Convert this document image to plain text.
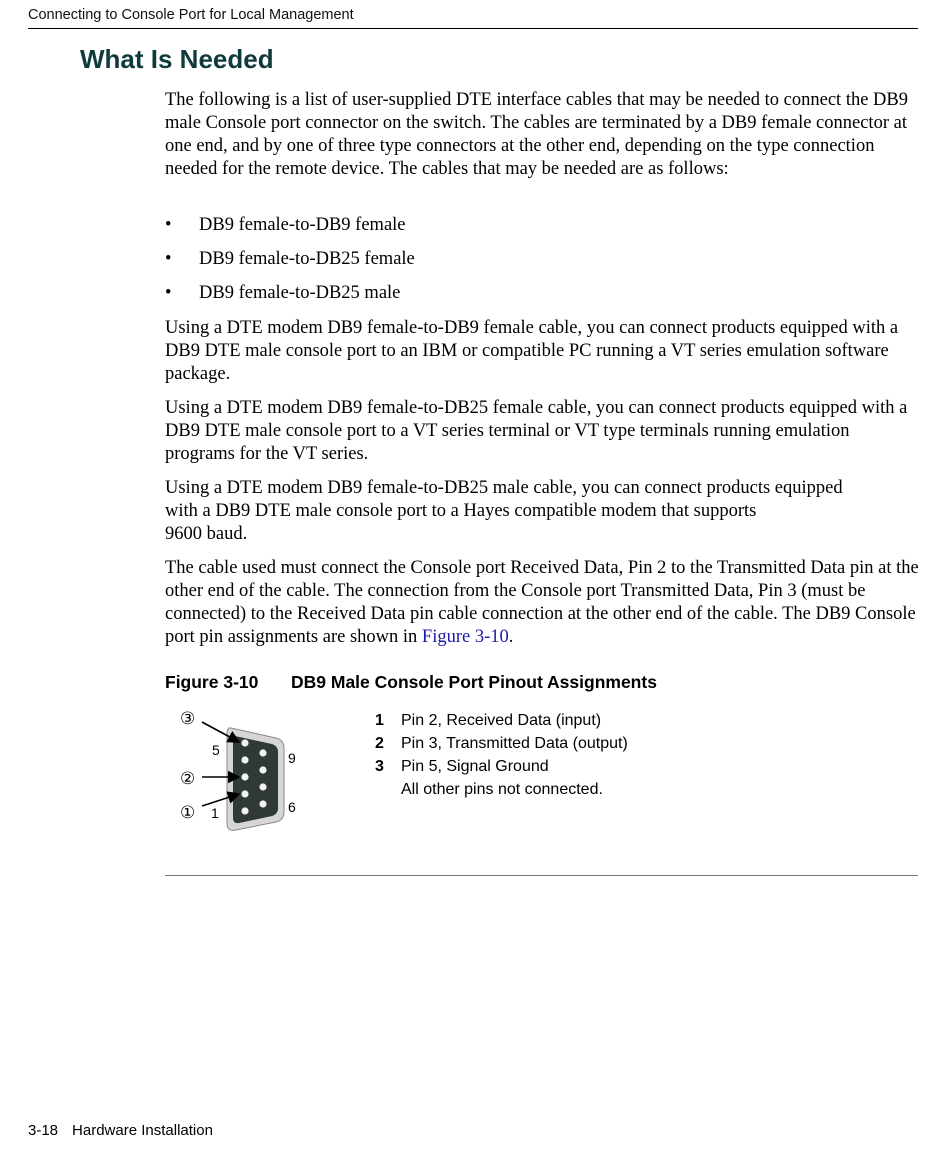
Connecting to Console Port for Local Management
What Is Needed

The following is a list of user-supplied DTE interface cables that may be needed to connect the DB9 male Console port connector on the switch. The cables are terminated by a DB9 female connector at one end, and by one of three type connectors at the other end, depending on the type connection needed for the remote device. The cables that may be needed are as follows:

• DB9 female-to-DB9 female
• DB9 female-to-DB25 female
• DB9 female-to-DB25 male

Using a DTE modem DB9 female-to-DB9 female cable, you can connect products equipped with a DB9 DTE male console port to an IBM or compatible PC running a VT series emulation software package.

Using a DTE modem DB9 female-to-DB25 female cable, you can connect products equipped with a DB9 DTE male console port to a VT series terminal or VT type terminals running emulation programs for the VT series.

Using a DTE modem DB9 female-to-DB25 male cable, you can connect products equipped
with a DB9 DTE male console port to a Hayes compatible modem that supports
9600 baud.

The cable used must connect the Console port Received Data, Pin 2 to the Transmitted Data pin at the other end of the cable. The connection from the Console port Transmitted Data, Pin 3 (must be connected) to the Received Data pin cable connection at the other end of the cable. The DB9 Console port pin assignments are shown in Figure 3-10.

Figure 3-10 DB9 Male Console Port Pinout Assignments
③
②
①
5	9
1	6
1 Pin 2, Received Data (input)
2 Pin 3, Transmitted Data (output)
3 Pin 5, Signal Ground
All other pins not connected.
3-18 Hardware Installation
